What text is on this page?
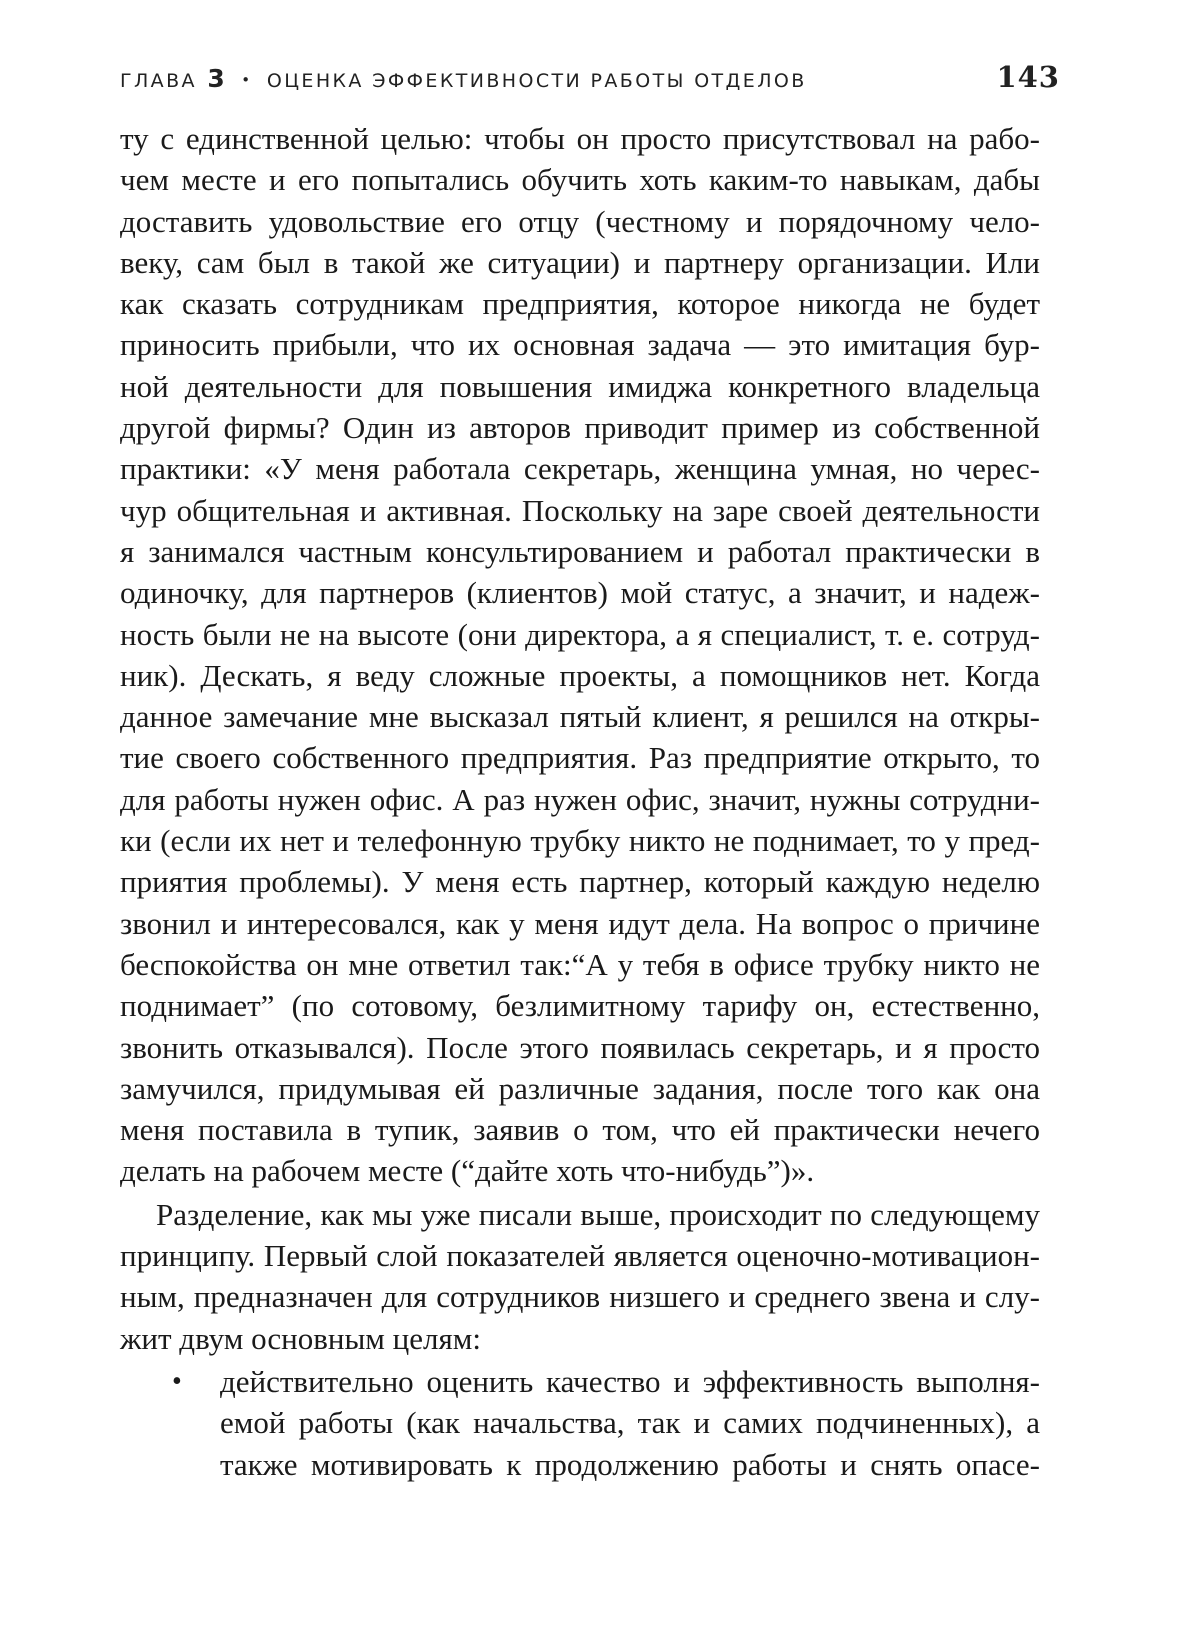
ГЛАВА 3 • ОЦЕНКА ЭФФЕКТИВНОСТИ РАБОТЫ ОТДЕЛОВ	143
ту с единственной целью: чтобы он просто присутствовал на рабо-
чем месте и его попытались обучить хоть каким-то навыкам, дабы
доставить удовольствие его отцу (честному и порядочному чело-
веку, сам был в такой же ситуации) и партнеру организации. Или
как сказать сотрудникам предприятия, которое никогда не будет
приносить прибыли, что их основная задача — это имитация бур-
ной деятельности для повышения имиджа конкретного владельца
другой фирмы? Один из авторов приводит пример из собственной
практики: «У меня работала секретарь, женщина умная, но черес-
чур общительная и активная. Поскольку на заре своей деятельности
я занимался частным консультированием и работал практически в
одиночку, для партнеров (клиентов) мой статус, а значит, и надеж-
ность были не на высоте (они директора, а я специалист, т. е. сотруд-
ник). Дескать, я веду сложные проекты, а помощников нет. Когда
данное замечание мне высказал пятый клиент, я решился на откры-
тие своего собственного предприятия. Раз предприятие открыто, то
для работы нужен офис. А раз нужен офис, значит, нужны сотрудни-
ки (если их нет и телефонную трубку никто не поднимает, то у пред-
приятия проблемы). У меня есть партнер, который каждую неделю
звонил и интересовался, как у меня идут дела. На вопрос о причине
беспокойства он мне ответил так:“А у тебя в офисе трубку никто не
поднимает” (по сотовому, безлимитному тарифу он, естественно,
звонить отказывался). После этого появилась секретарь, и я просто
замучился, придумывая ей различные задания, после того как она
меня поставила в тупик, заявив о том, что ей практически нечего
делать на рабочем месте (“дайте хоть что-нибудь”)».
Разделение, как мы уже писали выше, происходит по следующему
принципу. Первый слой показателей является оценочно-мотивацион-
ным, предназначен для сотрудников низшего и среднего звена и слу-
жит двум основным целям:
• действительно оценить качество и эффективность выполня-
емой работы (как начальства, так и самих подчиненных), а
также мотивировать к продолжению работы и снять опасе-
